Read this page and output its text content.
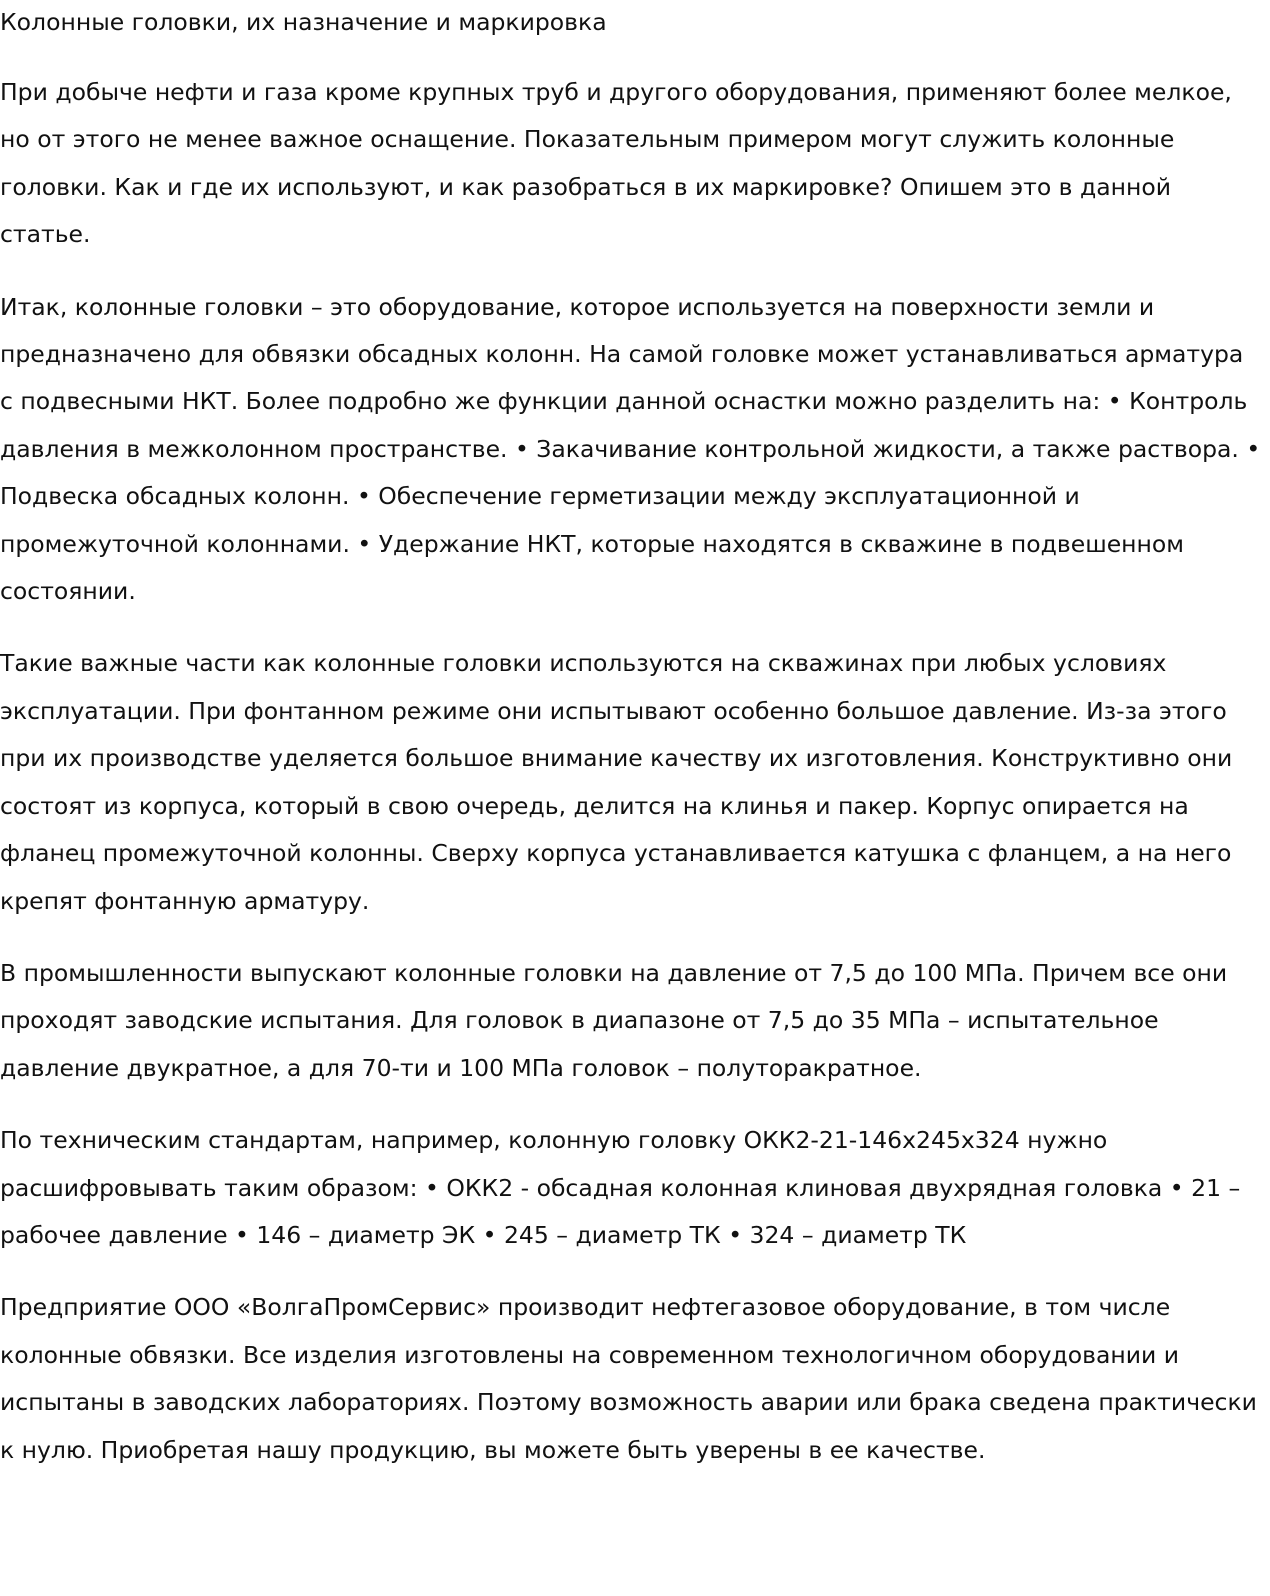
Колонные головки, их назначение и маркировка

При добыче нефти и газа кроме крупных труб и другого оборудования, применяют более мелкое, но от этого не менее важное оснащение. Показательным примером могут служить колонные головки. Как и где их используют, и как разобраться в их маркировке? Опишем это в данной статье.

Итак, колонные головки – это оборудование, которое используется на поверхности земли и предназначено для обвязки обсадных колонн. На самой головке может устанавливаться арматура с подвесными НКТ. Более подробно же функции данной оснастки можно разделить на: • Контроль давления в межколонном пространстве. • Закачивание контрольной жидкости, а также раствора. • Подвеска обсадных колонн. • Обеспечение герметизации между эксплуатационной и промежуточной колоннами. • Удержание НКТ, которые находятся в скважине в подвешенном состоянии.

Такие важные части как колонные головки используются на скважинах при любых условиях эксплуатации. При фонтанном режиме они испытывают особенно большое давление. Из-за этого при их производстве уделяется большое внимание качеству их изготовления. Конструктивно они состоят из корпуса, который в свою очередь, делится на клинья и пакер. Корпус опирается на фланец промежуточной колонны. Сверху корпуса устанавливается катушка с фланцем, а на него крепят фонтанную арматуру.

В промышленности выпускают колонные головки на давление от 7,5 до 100 МПа. Причем все они проходят заводские испытания. Для головок в диапазоне от 7,5 до 35 МПа – испытательное давление двукратное, а для 70-ти и 100 МПа головок – полуторакратное.

По техническим стандартам, например, колонную головку ОКК2-21-146х245х324 нужно расшифровывать таким образом: • ОКК2 - обсадная колонная клиновая двухрядная головка • 21 – рабочее давление • 146 – диаметр ЭК • 245 – диаметр ТК • 324 – диаметр ТК

Предприятие ООО «ВолгаПромСервис» производит нефтегазовое оборудование, в том числе колонные обвязки. Все изделия изготовлены на современном технологичном оборудовании и испытаны в заводских лабораториях. Поэтому возможность аварии или брака сведена практически к нулю. Приобретая нашу продукцию, вы можете быть уверены в ее качестве.
